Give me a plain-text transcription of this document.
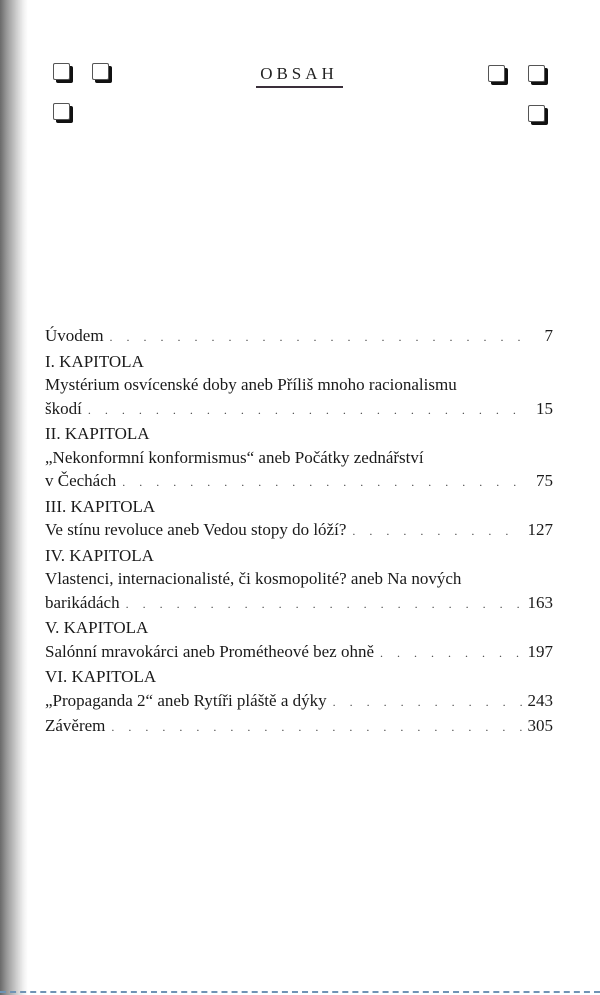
OBSAH
Úvodem . . .	7
I. KAPITOLA
Mystérium osvícenské doby aneb Příliš mnoho racionalismu
škodí . . .	15
II. KAPITOLA
„Nekonformní konformismus“ aneb Počátky zednářství
v Čechách . . .	75
III. KAPITOLA
Ve stínu revoluce aneb Vedou stopy do lóží? . . .	127
IV. KAPITOLA
Vlastenci, internacionalisté, či kosmopolité? aneb Na nových
barikádách . . .	163
V. KAPITOLA
Salónní mravokárci aneb Prométheové bez ohně . . .	197
VI. KAPITOLA
„Propaganda 2“ aneb Rytíři pláště a dýky . . .	243
Závěrem . . .	305
